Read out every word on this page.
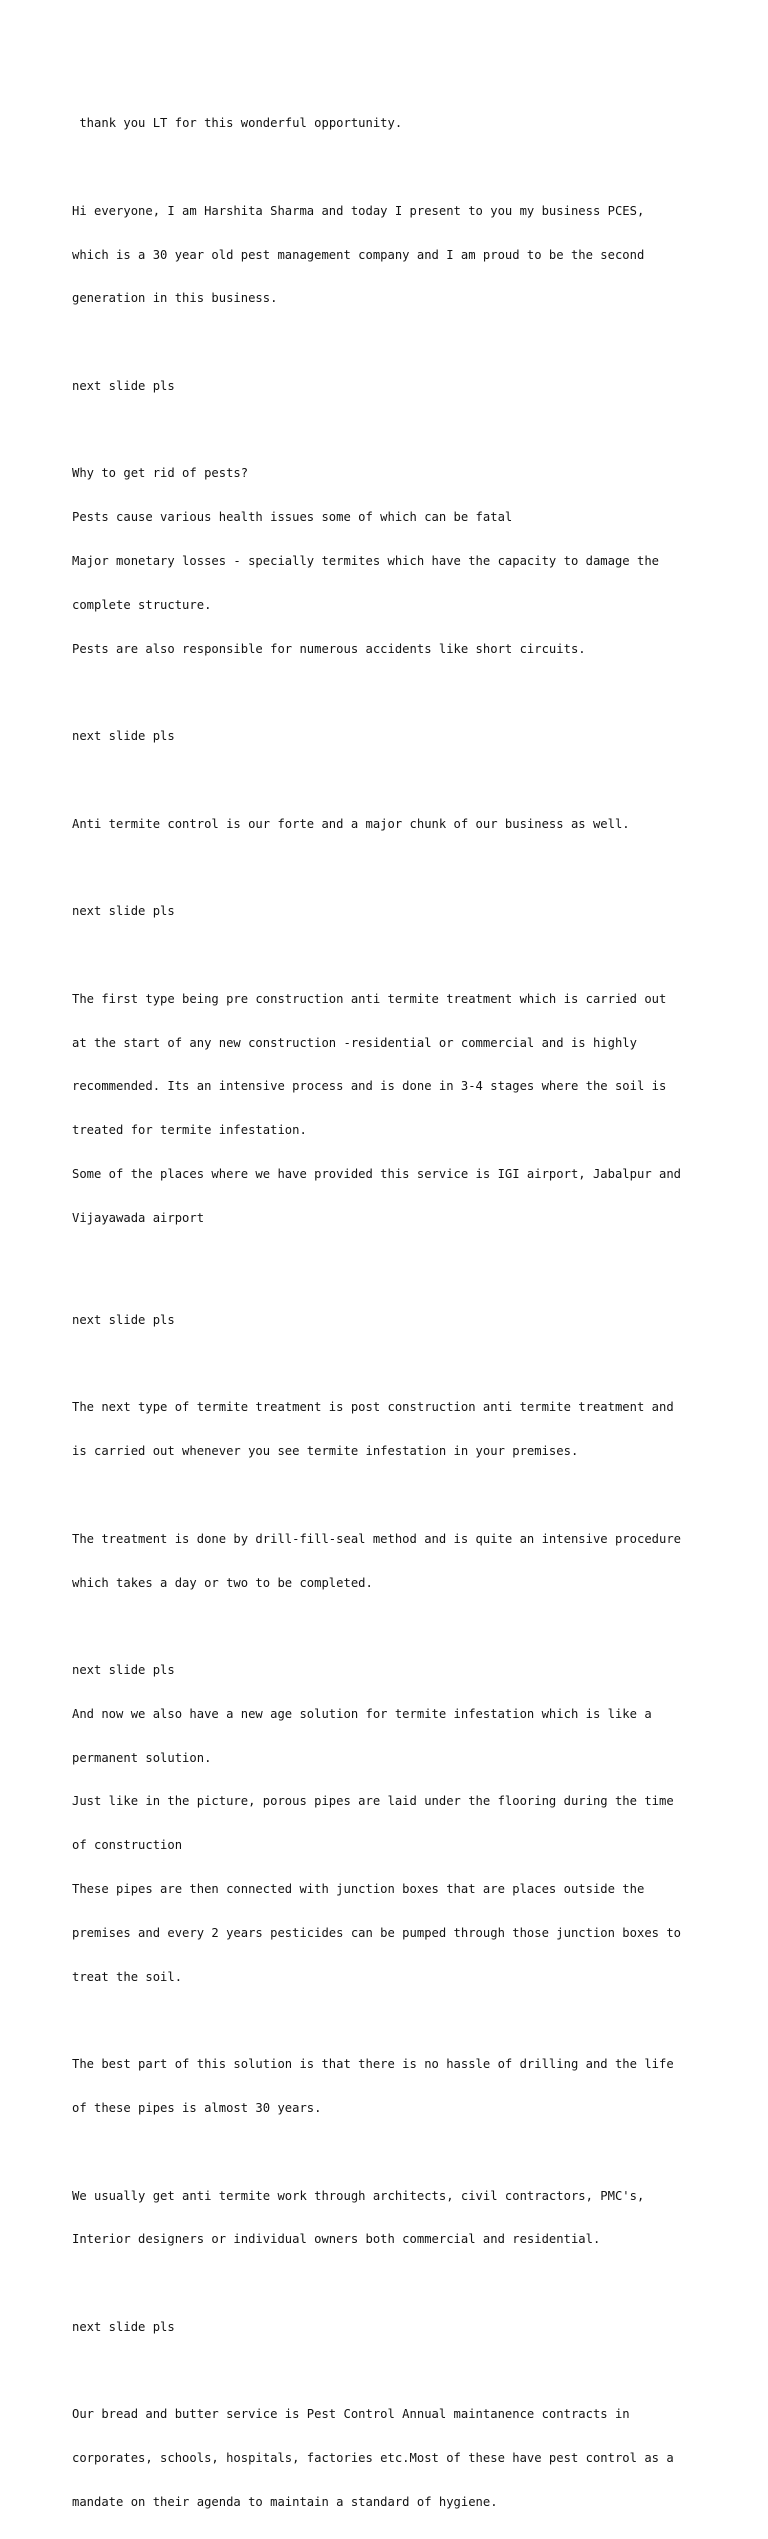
thank you LT for this wonderful opportunity.

Hi everyone, I am Harshita Sharma and today I present to you my business PCES,

which is a 30 year old pest management company and I am proud to be the second

generation in this business.

next slide pls

Why to get rid of pests?

Pests cause various health issues some of which can be fatal

Major monetary losses - specially termites which have the capacity to damage the

complete structure.

Pests are also responsible for numerous accidents like short circuits.

next slide pls

Anti termite control is our forte and a major chunk of our business as well.

next slide pls

The first type being pre construction anti termite treatment which is carried out

at the start of any new construction -residential or commercial and is highly

recommended. Its an intensive process and is done in 3-4 stages where the soil is

treated for termite infestation.

Some of the places where we have provided this service is IGI airport, Jabalpur and

Vijayawada airport

next slide pls

The next type of termite treatment is post construction anti termite treatment and

is carried out whenever you see termite infestation in your premises.

The treatment is done by drill-fill-seal method and is quite an intensive procedure

which takes a day or two to be completed.

next slide pls

And now we also have a new age solution for termite infestation which is like a

permanent solution.

Just like in the picture, porous pipes are laid under the flooring during the time

of construction

These pipes are then connected with junction boxes that are places outside the

premises and every 2 years pesticides can be pumped through those junction boxes to

treat the soil.

The best part of this solution is that there is no hassle of drilling and the life

of these pipes is almost 30 years.

We usually get anti termite work through architects, civil contractors, PMC's,

Interior designers or individual owners both commercial and residential.

next slide pls

Our bread and butter service is Pest Control Annual maintanence contracts in

corporates, schools, hospitals, factories etc.Most of these have pest control as a

mandate on their agenda to maintain a standard of hygiene.
